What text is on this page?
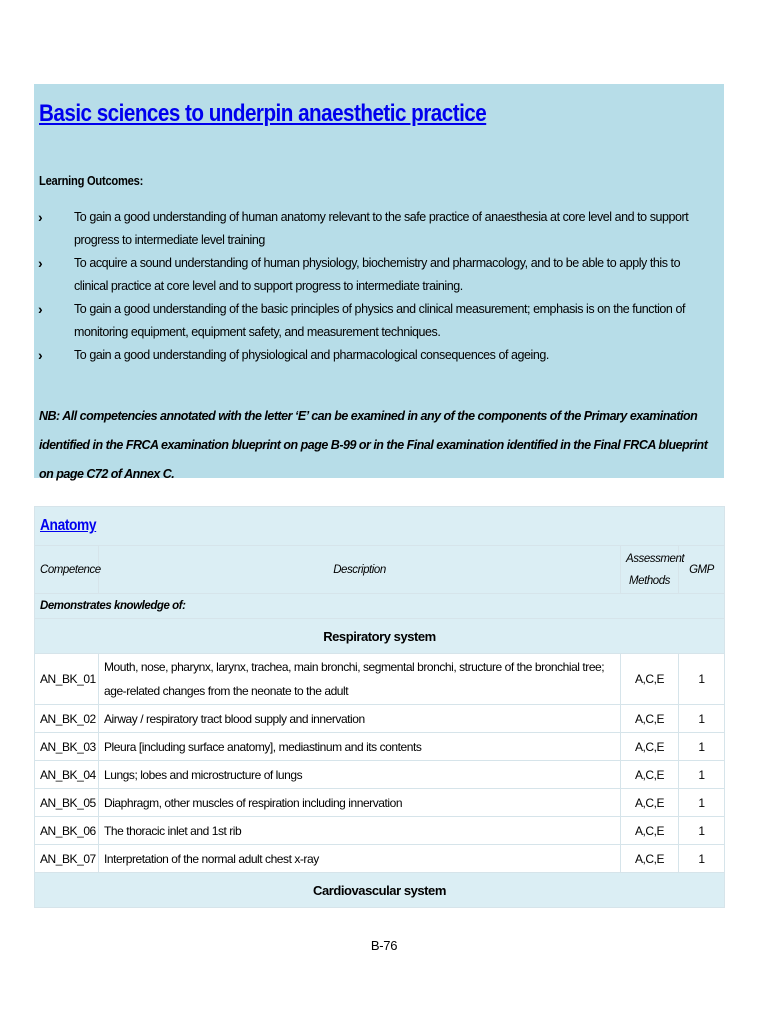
Basic sciences to underpin anaesthetic practice
Learning Outcomes:
›	To gain a good understanding of human anatomy relevant to the safe practice of anaesthesia at core level and to support progress to intermediate level training
›	To acquire a sound understanding of human physiology, biochemistry and pharmacology, and to be able to apply this to clinical practice at core level and to support progress to intermediate training.
›	To gain a good understanding of the basic principles of physics and clinical measurement; emphasis is on the function of monitoring equipment, equipment safety, and measurement techniques.
›	To gain a good understanding of physiological and pharmacological consequences of ageing.
NB: All competencies annotated with the letter ‘E’ can be examined in any of the components of the Primary examination identified in the FRCA examination blueprint on page B-99 or in the Final examination identified in the Final FRCA blueprint on page C72 of Annex C.
Anatomy			
Competence	Description	Assessment Methods	GMP
Demonstrates knowledge of:			
Respiratory system			
AN_BK_01	Mouth, nose, pharynx, larynx, trachea, main bronchi, segmental bronchi, structure of the bronchial tree; age-related changes from the neonate to the adult	A,C,E	1
AN_BK_02	Airway / respiratory tract blood supply and innervation	A,C,E	1
AN_BK_03	Pleura [including surface anatomy], mediastinum and its contents	A,C,E	1
AN_BK_04	Lungs; lobes and microstructure of lungs	A,C,E	1
AN_BK_05	Diaphragm, other muscles of respiration including innervation	A,C,E	1
AN_BK_06	The thoracic inlet and 1st rib	A,C,E	1
AN_BK_07	Interpretation of the normal adult chest x-ray	A,C,E	1
Cardiovascular system			
B-76
